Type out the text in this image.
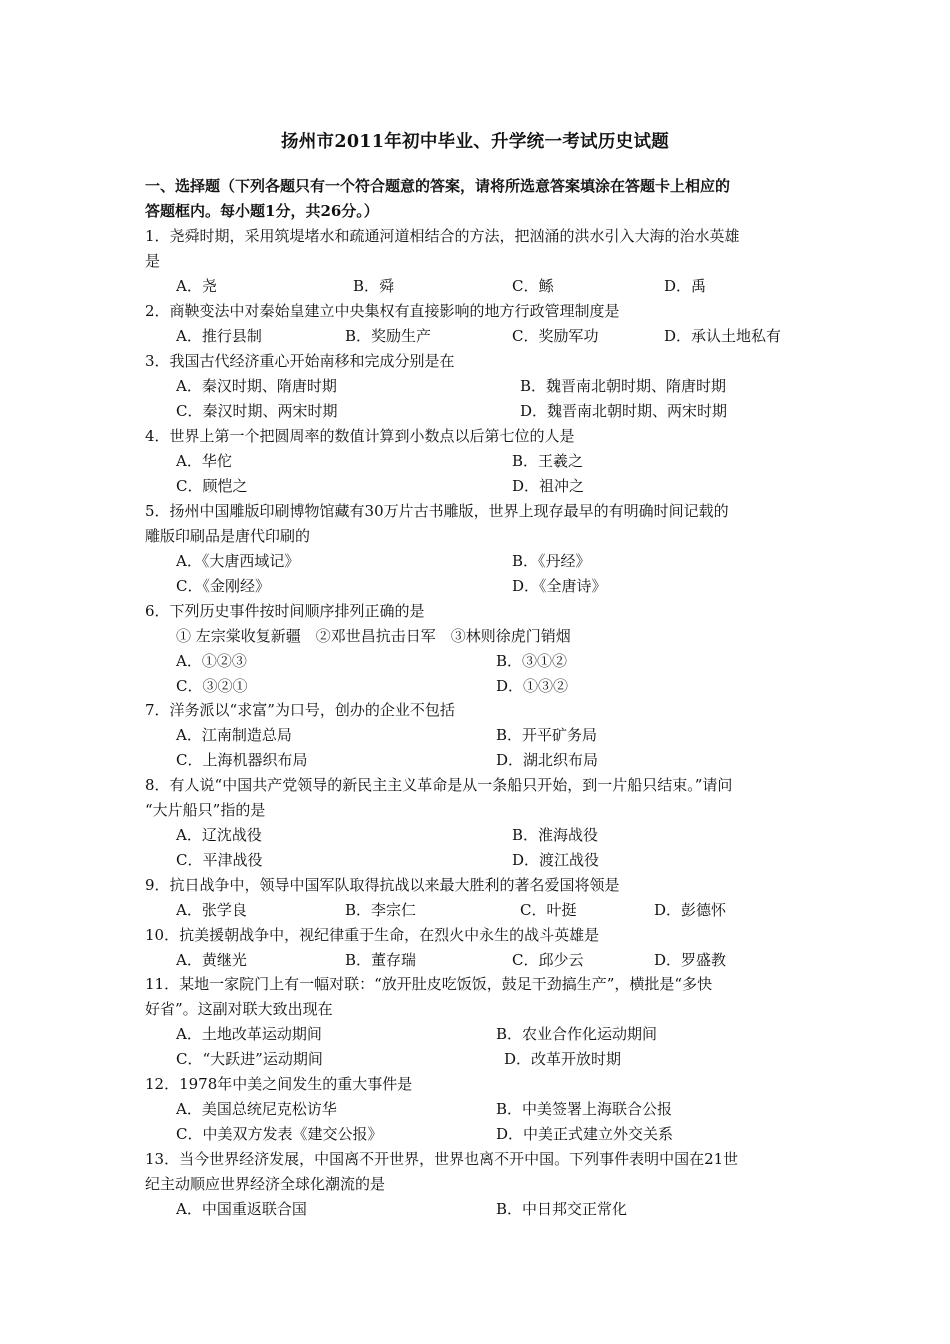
扬州市2011年初中毕业、升学统一考试历史试题
一、选择题（下列各题只有一个符合题意的答案，请将所选意答案填涂在答题卡上相应的
答题框内。每小题1分，共26分。）
1．尧舜时期，采用筑堤堵水和疏通河道相结合的方法，把汹涌的洪水引入大海的治水英雄
是
A．尧	B．舜	C．鲧	D．禹
2．商鞅变法中对秦始皇建立中央集权有直接影响的地方行政管理制度是
A．推行县制	B．奖励生产	C．奖励军功	D．承认土地私有
3．我国古代经济重心开始南移和完成分别是在
A．秦汉时期、隋唐时期	B．魏晋南北朝时期、隋唐时期
C．秦汉时期、两宋时期	D．魏晋南北朝时期、两宋时期
4．世界上第一个把圆周率的数值计算到小数点以后第七位的人是
A．华佗	B．王羲之
C．顾恺之	D．祖冲之
5．扬州中国雕版印刷博物馆藏有30万片古书雕版，世界上现存最早的有明确时间记载的
雕版印刷品是唐代印刷的
A．《大唐西域记》	B．《丹经》
C．《金刚经》	D．《全唐诗》
6．下列历史事件按时间顺序排列正确的是
① 左宗棠收复新疆　②邓世昌抗击日军　③林则徐虎门销烟
A．①②③	B．③①②
C．③②①	D．①③②
7．洋务派以“求富”为口号，创办的企业不包括
A．江南制造总局	B．开平矿务局
C．上海机器织布局	D．湖北织布局
8．有人说“中国共产党领导的新民主主义革命是从一条船只开始，到一片船只结束。”请问
“大片船只”指的是
A．辽沈战役	B．淮海战役
C．平津战役	D．渡江战役
9．抗日战争中，领导中国军队取得抗战以来最大胜利的著名爱国将领是
A．张学良	B．李宗仁	C．叶挺	D．彭德怀
10．抗美援朝战争中，视纪律重于生命，在烈火中永生的战斗英雄是
A．黄继光	B．董存瑞	C．邱少云	D．罗盛教
11．某地一家院门上有一幅对联：“放开肚皮吃饭饭，鼓足干劲搞生产”，横批是“多快
好省”。这副对联大致出现在
A．土地改革运动期间	B．农业合作化运动期间
C．“大跃进”运动期间	D．改革开放时期
12．1978年中美之间发生的重大事件是
A．美国总统尼克松访华	B．中美签署上海联合公报
C．中美双方发表《建交公报》	D．中美正式建立外交关系
13．当今世界经济发展，中国离不开世界，世界也离不开中国。下列事件表明中国在21世
纪主动顺应世界经济全球化潮流的是
A．中国重返联合国	B．中日邦交正常化
